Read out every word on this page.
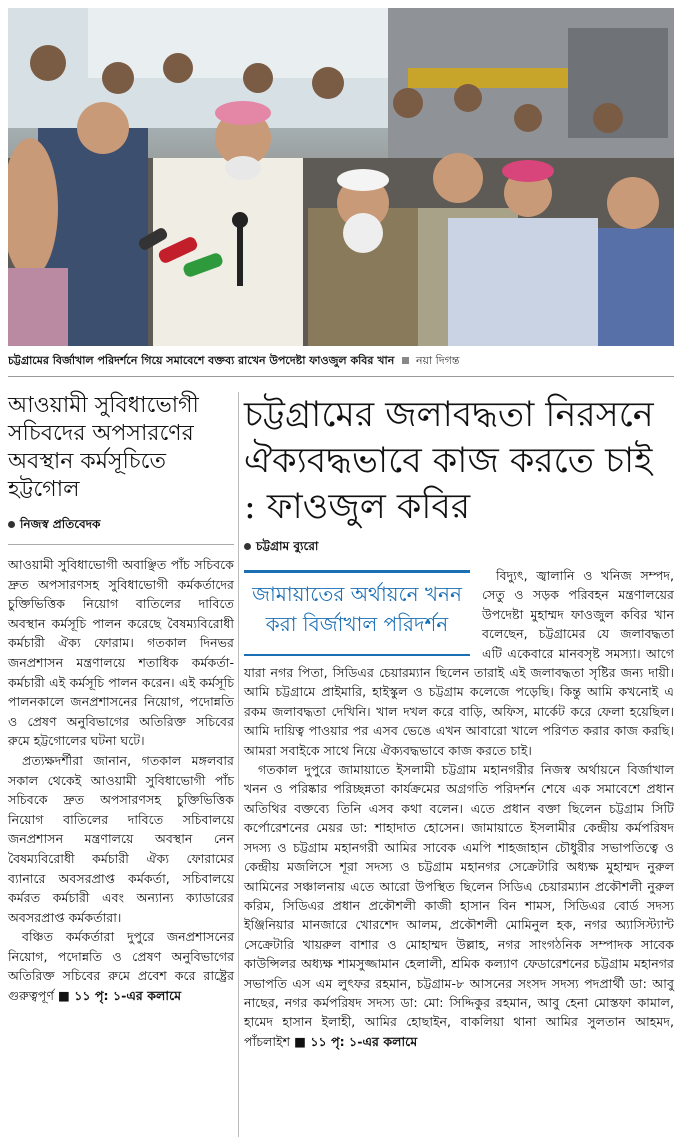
চট্টগ্রামের বির্জাখাল পরিদর্শনে গিয়ে সমাবেশে বক্তব্য রাখেন উপদেষ্টা ফাওজুল কবির খান নয়া দিগন্ত
আওয়ামী সুবিধাভোগী সচিবদের অপসারণের অবস্থান কর্মসূচিতে হট্টগোল
নিজস্ব প্রতিবেদক

আওয়ামী সুবিধাভোগী অবাঞ্ছিত পাঁচ সচিবকে দ্রুত অপসারণসহ সুবিধাভোগী কর্মকর্তাদের চুক্তিভিত্তিক নিয়োগ বাতিলের দাবিতে অবস্থান কর্মসূচি পালন করেছে বৈষম্যবিরোধী কর্মচারী ঐক্য ফোরাম। গতকাল দিনভর জনপ্রশাসন মন্ত্রণালয়ে শতাধিক কর্মকর্তা-কর্মচারী এই কর্মসূচি পালন করেন। এই কর্মসূচি পালনকালে জনপ্রশাসনের নিয়োগ, পদোন্নতি ও প্রেষণ অনুবিভাগের অতিরিক্ত সচিবের রুমে হট্টগোলের ঘটনা ঘটে।

প্রত্যক্ষদর্শীরা জানান, গতকাল মঙ্গলবার সকাল থেকেই আওয়ামী সুবিধাভোগী পাঁচ সচিবকে দ্রুত অপসারণসহ চুক্তিভিত্তিক নিয়োগ বাতিলের দাবিতে সচিবালয়ে জনপ্রশাসন মন্ত্রণালয়ে অবস্থান নেন বৈষম্যবিরোধী কর্মচারী ঐক্য ফোরামের ব্যানারে অবসরপ্রাপ্ত কর্মকর্তা, সচিবালয়ে কর্মরত কর্মচারী এবং অন্যান্য ক্যাডারের অবসরপ্রাপ্ত কর্মকর্তারা।

বঞ্চিত কর্মকর্তারা দুপুরে জনপ্রশাসনের নিয়োগ, পদোন্নতি ও প্রেষণ অনুবিভাগের অতিরিক্ত সচিবের রুমে প্রবেশ করে রাষ্ট্রের গুরুত্বপূর্ণ ■ ১১ পৃ: ১-এর কলামে

চট্টগ্রামের জলাবদ্ধতা নিরসনে ঐক্যবদ্ধভাবে কাজ করতে চাই : ফাওজুল কবির
চট্টগ্রাম ব্যুরো
জামায়াতের অর্থায়নে খনন করা বির্জাখাল পরিদর্শন

বিদ্যুৎ, জ্বালানি ও খনিজ সম্পদ, সেতু ও সড়ক পরিবহন মন্ত্রণালয়ের উপদেষ্টা মুহাম্মদ ফাওজুল কবির খান বলেছেন, চট্টগ্রামের যে জলাবদ্ধতা এটি একেবারে মানবসৃষ্ট সমস্যা। আগে যারা নগর পিতা, সিডিএর চেয়ারম্যান ছিলেন তারাই এই জলাবদ্ধতা সৃষ্টির জন্য দায়ী। আমি চট্টগ্রামে প্রাইমারি, হাইস্কুল ও চট্টগ্রাম কলেজে পড়েছি। কিন্তু আমি কখনোই এ রকম জলাবদ্ধতা দেখিনি। খাল দখল করে বাড়ি, অফিস, মার্কেট করে ফেলা হয়েছিল। আমি দায়িত্ব পাওয়ার পর এসব ভেঙে এখন আবারো খালে পরিণত করার কাজ করছি। আমরা সবাইকে সাথে নিয়ে ঐক্যবদ্ধভাবে কাজ করতে চাই।

গতকাল দুপুরে জামায়াতে ইসলামী চট্টগ্রাম মহানগরীর নিজস্ব অর্থায়নে বির্জাখাল খনন ও পরিষ্কার পরিচ্ছন্নতা কার্যক্রমের অগ্রগতি পরিদর্শন শেষে এক সমাবেশে প্রধান অতিথির বক্তব্যে তিনি এসব কথা বলেন। এতে প্রধান বক্তা ছিলেন চট্টগ্রাম সিটি কর্পোরেশনের মেয়র ডা: শাহাদাত হোসেন। জামায়াতে ইসলামীর কেন্দ্রীয় কর্মপরিষদ সদস্য ও চট্টগ্রাম মহানগরী আমির সাবেক এমপি শাহজাহান চৌধুরীর সভাপতিত্বে ও কেন্দ্রীয় মজলিসে শূরা সদস্য ও চট্টগ্রাম মহানগর সেক্রেটারি অধ্যক্ষ মুহাম্মদ নুরুল আমিনের সঞ্চালনায় এতে আরো উপস্থিত ছিলেন সিডিএ চেয়ারম্যান প্রকৌশলী নুরুল করিম, সিডিএর প্রধান প্রকৌশলী কাজী হাসান বিন শামস, সিডিএর বোর্ড সদস্য ইঞ্জিনিয়ার মানজারে খোরশেদ আলম, প্রকৌশলী মোমিনুল হক, নগর অ্যাসিস্ট্যান্ট সেক্রেটারি খায়রুল বাশার ও মোহাম্মদ উল্লাহ, নগর সাংগঠনিক সম্পাদক সাবেক কাউন্সিলর অধ্যক্ষ শামসুজ্জামান হেলালী, শ্রমিক কল্যাণ ফেডারেশনের চট্টগ্রাম মহানগর সভাপতি এস এম লুৎফর রহমান, চট্টগ্রাম-৮ আসনের সংসদ সদস্য পদপ্রার্থী ডা: আবু নাছের, নগর কর্মপরিষদ সদস্য ডা: মো: সিদ্দিকুর রহমান, আবু হেনা মোস্তফা কামাল, হামেদ হাসান ইলাহী, আমির হোছাইন, বাকলিয়া থানা আমির সুলতান আহমদ, পাঁচলাইশ ■ ১১ পৃ: ১-এর কলামে
